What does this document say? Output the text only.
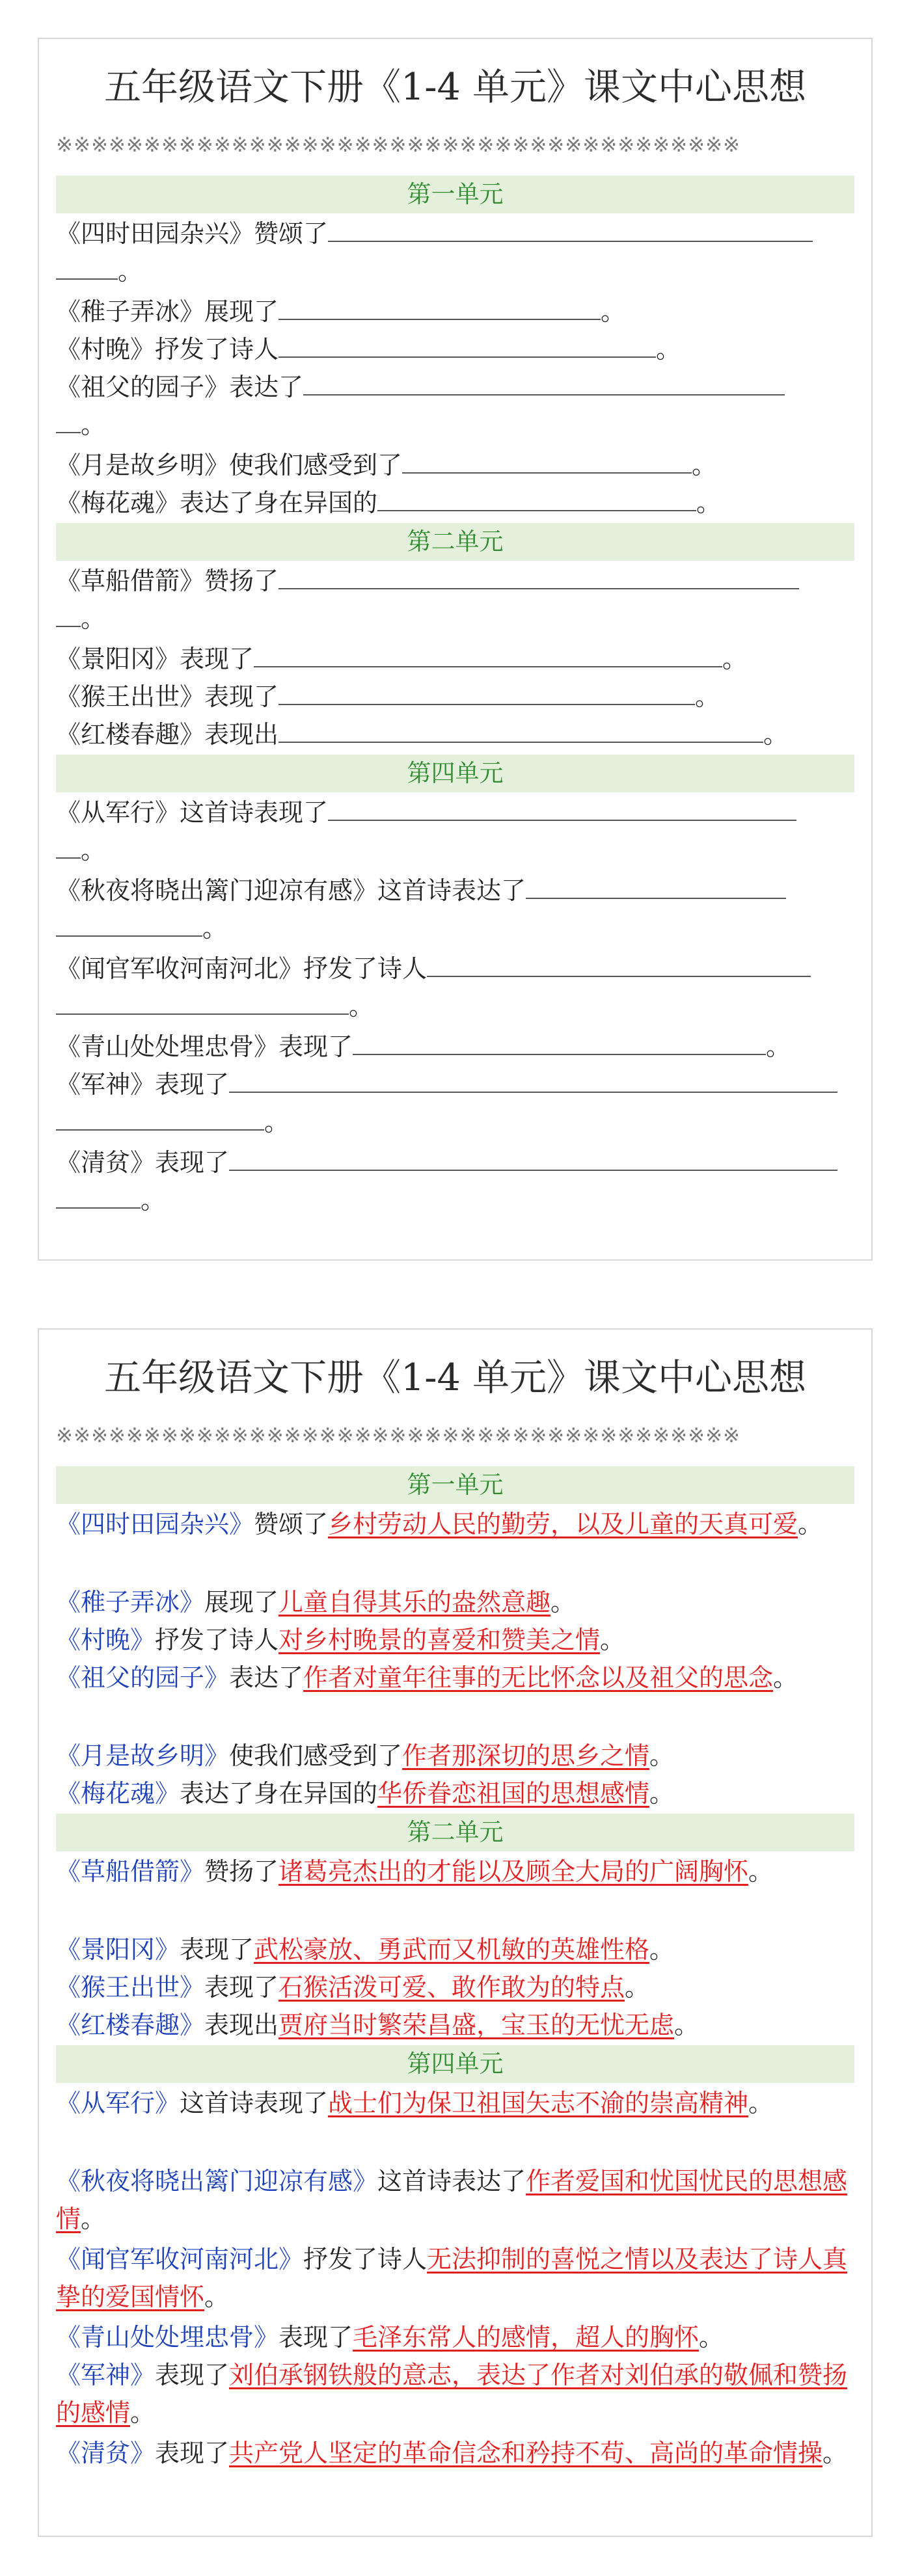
五年级语文下册《1-4 单元》课文中心思想
※※※※※※※※※※※※※※※※※※※※※※※※※※※※※※※※※※※※※※※
第一单元

《四时田园杂兴》赞颂了
。

《稚子弄冰》展现了	。

《村晚》抒发了诗人	。

《祖父的园子》表达了
。

《月是故乡明》使我们感受到了	。

《梅花魂》表达了身在异国的	。

第二单元

《草船借箭》赞扬了
。

《景阳冈》表现了	。

《猴王出世》表现了	。

《红楼春趣》表现出	。

第四单元

《从军行》这首诗表现了
。

《秋夜将晓出篱门迎凉有感》这首诗表达了
。

《闻官军收河南河北》抒发了诗人
。

《青山处处埋忠骨》表现了	。

《军神》表现了
。

《清贫》表现了
。

五年级语文下册《1-4 单元》课文中心思想
※※※※※※※※※※※※※※※※※※※※※※※※※※※※※※※※※※※※※※※
第一单元

《四时田园杂兴》赞颂了乡村劳动人民的勤劳，以及儿童的天真可爱。

《稚子弄冰》展现了儿童自得其乐的盎然意趣。

《村晚》抒发了诗人对乡村晚景的喜爱和赞美之情。

《祖父的园子》表达了作者对童年往事的无比怀念以及祖父的思念。

《月是故乡明》使我们感受到了作者那深切的思乡之情。

《梅花魂》表达了身在异国的华侨眷恋祖国的思想感情。

第二单元

《草船借箭》赞扬了诸葛亮杰出的才能以及顾全大局的广阔胸怀。

《景阳冈》表现了武松豪放、勇武而又机敏的英雄性格。

《猴王出世》表现了石猴活泼可爱、敢作敢为的特点。

《红楼春趣》表现出贾府当时繁荣昌盛，宝玉的无忧无虑。

第四单元

《从军行》这首诗表现了战士们为保卫祖国矢志不渝的崇高精神。

《秋夜将晓出篱门迎凉有感》这首诗表达了作者爱国和忧国忧民的思想感情。

《闻官军收河南河北》抒发了诗人无法抑制的喜悦之情以及表达了诗人真挚的爱国情怀。

《青山处处埋忠骨》表现了毛泽东常人的感情，超人的胸怀。

《军神》表现了刘伯承钢铁般的意志，表达了作者对刘伯承的敬佩和赞扬的感情。

《清贫》表现了共产党人坚定的革命信念和矜持不苟、高尚的革命情操。
